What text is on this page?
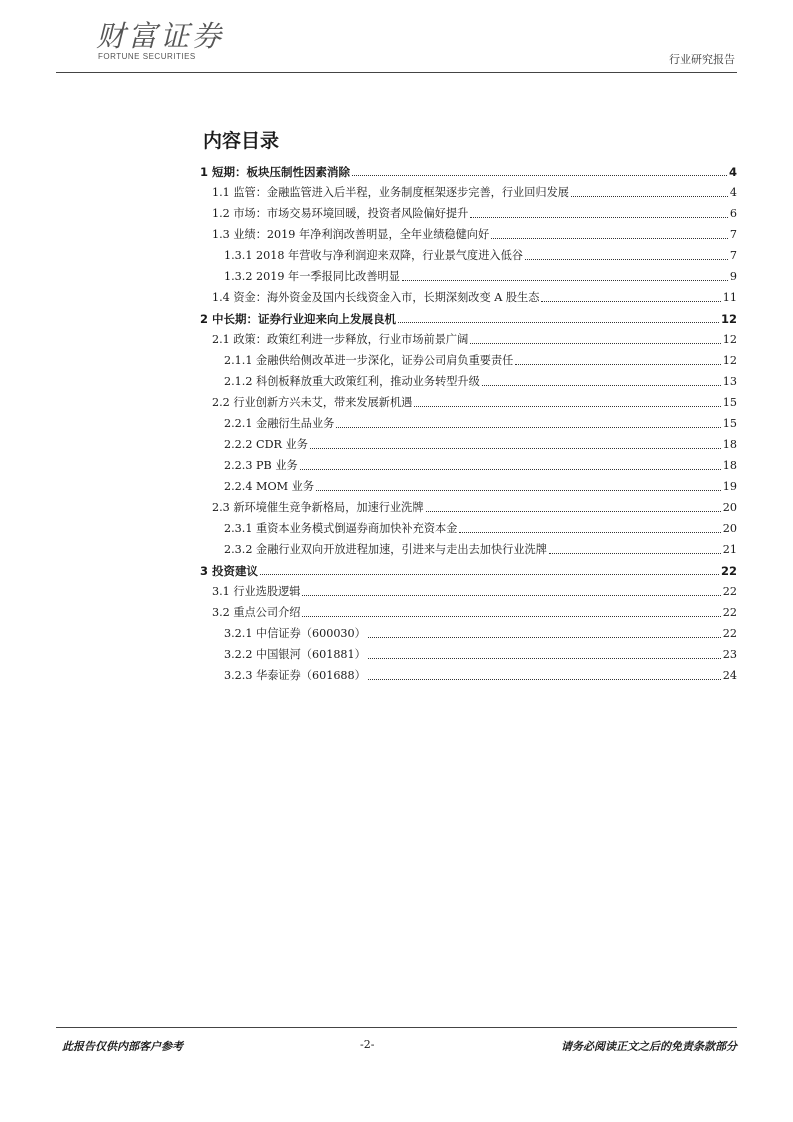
财富证券
FORTUNE SECURITIES	行业研究报告
内容目录
1 短期：板块压制性因素消除	4
1.1 监管：金融监管进入后半程，业务制度框架逐步完善，行业回归发展	4
1.2 市场：市场交易环境回暖，投资者风险偏好提升	6
1.3 业绩：2019 年净利润改善明显，全年业绩稳健向好	7
1.3.1 2018 年营收与净利润迎来双降，行业景气度进入低谷	7
1.3.2 2019 年一季报同比改善明显	9
1.4 资金：海外资金及国内长线资金入市，长期深刻改变 A 股生态	11
2 中长期：证券行业迎来向上发展良机	12
2.1 政策：政策红利进一步释放，行业市场前景广阔	12
2.1.1 金融供给侧改革进一步深化，证券公司肩负重要责任	12
2.1.2 科创板释放重大政策红利，推动业务转型升级	13
2.2 行业创新方兴未艾，带来发展新机遇	15
2.2.1 金融衍生品业务	15
2.2.2 CDR 业务	18
2.2.3 PB 业务	18
2.2.4 MOM 业务	19
2.3 新环境催生竞争新格局，加速行业洗牌	20
2.3.1 重资本业务模式倒逼券商加快补充资本金	20
2.3.2 金融行业双向开放进程加速，引进来与走出去加快行业洗牌	21
3 投资建议	22
3.1 行业选股逻辑	22
3.2 重点公司介绍	22
3.2.1 中信证券（600030）	22
3.2.2 中国银河（601881）	23
3.2.3 华泰证券（601688）	24
此报告仅供内部客户参考	-2-	请务必阅读正文之后的免责条款部分
